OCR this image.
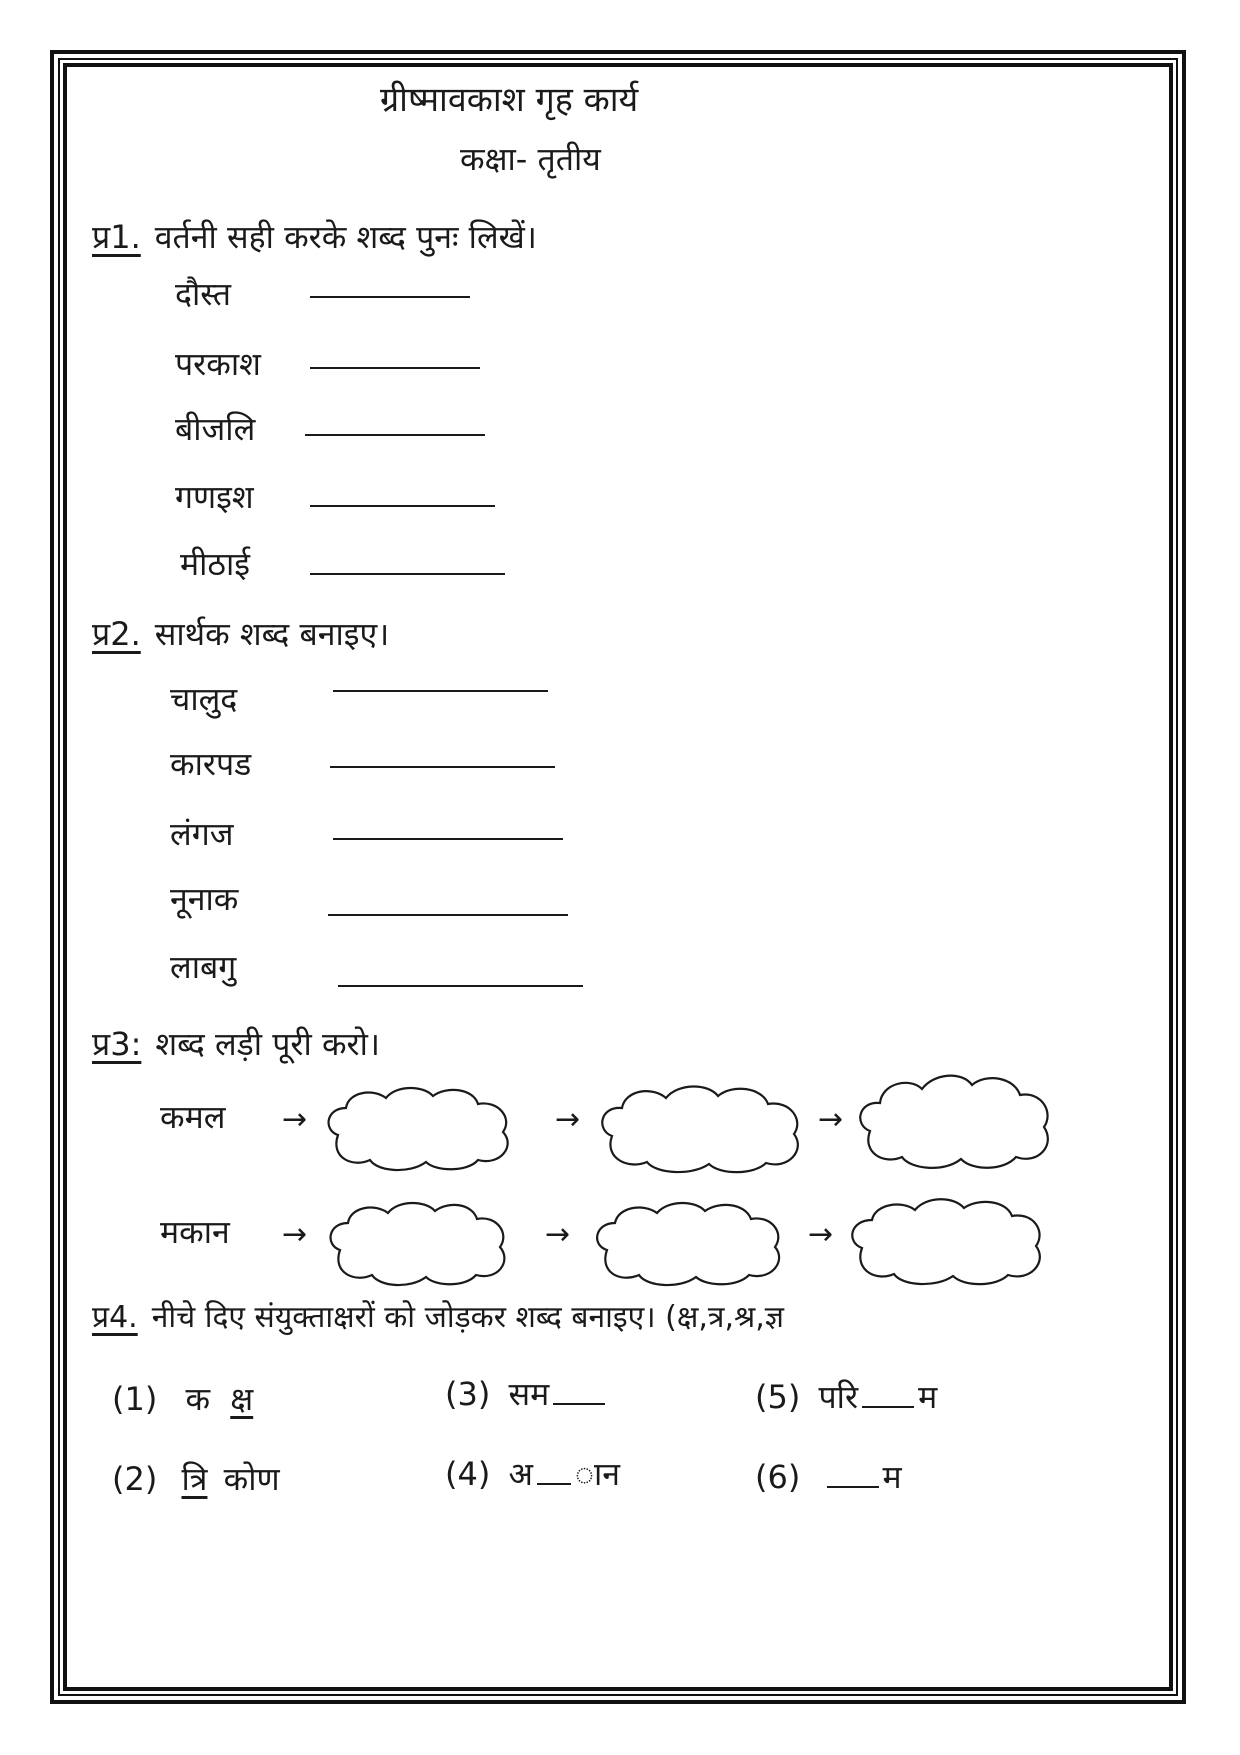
ग्रीष्मावकाश गृह कार्य
कक्षा- तृतीय
प्र1. वर्तनी सही करके शब्द पुनः लिखें।
दौस्त
परकाश
बीजलि
गणइश
मीठाई
प्र2. सार्थक शब्द बनाइए।
चालुद
कारपड
लंगज
नूनाक
लाबगु
प्र3: शब्द लड़ी पूरी करो।
कमल →	→	→
मकान →	→	→
प्र4. नीचे दिए संयुक्ताक्षरों को जोड़कर शब्द बनाइए। (क्ष,त्र,श्र,ज्ञ
(1) क क्ष
(2) त्रि कोण
(3) सम
(4) अ ान
(5) परि म
(6)	म
